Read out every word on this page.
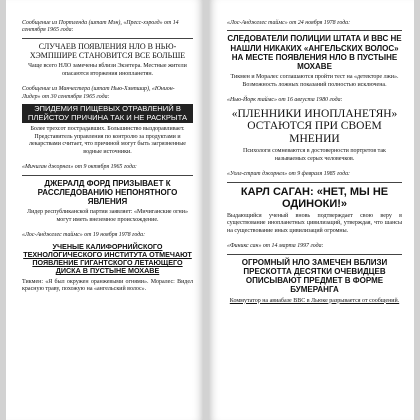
Сообщение из Портленда (штат Мэн), «Пресс-хэролд» от 14 сентября 1965 года:

СЛУЧАЕВ ПОЯВЛЕНИЯ НЛО В НЬЮ-ХЭМПШИРЕ СТАНОВИТСЯ ВСЕ БОЛЬШЕ

Чаще всего НЛО замечены вблизи Экзетера. Местные жители опасаются вторжения инопланетян.

Сообщение из Манчестера (штат Нью-Хэмпшир), «Юнион-Лидер» от 30 сентября 1965 года:

ЭПИДЕМИЯ ПИЩЕВЫХ ОТРАВЛЕНИЙ В ПЛЕЙСТОУ ПРИЧИНА ТАК И НЕ РАСКРЫТА

Более трехсот пострадавших. Большинство выздоравливает. Представитель управления по контролю за продуктами и лекарствами считает, что причиной могут быть загрязненные водные источники.

«Мичиган джорнел» от 9 октября 1965 года:

ДЖЕРАЛД ФОРД ПРИЗЫВАЕТ К РАССЛЕДОВАНИЮ НЕПОНЯТНОГО ЯВЛЕНИЯ

Лидер республиканской партии заявляет: «Мичиганские огни» могут иметь внеземное происхождение.

«Лос-Анджелес таймс» от 19 ноября 1978 года:

УЧЕНЫЕ КАЛИФОРНИЙСКОГО ТЕХНОЛОГИЧЕСКОГО ИНСТИТУТА ОТМЕЧАЮТ ПОЯВЛЕНИЕ ГИГАНТСКОГО ЛЕТАЮЩЕГО ДИСКА В ПУСТЫНЕ МОХАВЕ

Тикмен: «Я был окружен оранжевыми огнями». Моралес: Видел красную траву, похожую на «ангельский волос».

«Лос-Анджелес таймс» от 24 ноября 1978 года:

СЛЕДОВАТЕЛИ ПОЛИЦИИ ШТАТА И ВВС НЕ НАШЛИ НИКАКИХ «АНГЕЛЬСКИХ ВОЛОС» НА МЕСТЕ ПОЯВЛЕНИЯ НЛО В ПУСТЫНЕ МОХАВЕ

Тикмен и Моралес соглашаются пройти тест на «детекторе лжи». Возможность ложных показаний полностью исключена.

«Нью-Йорк таймс» от 16 августа 1980 года:

«ПЛЕННИКИ ИНОПЛАНЕТЯН» ОСТАЮТСЯ ПРИ СВОЕМ МНЕНИИ

Психологи сомневаются в достоверности портретов так называемых серых человечков.

«Уолл-стрит джорнел» от 9 февраля 1985 года:

КАРЛ САГАН: «НЕТ, МЫ НЕ ОДИНОКИ!»

Выдающийся ученый вновь подтверждает свою веру в существование инопланетных цивилизаций, утверждая, что шансы на существование иных цивилизаций огромны.

«Финикс сан» от 14 марта 1997 года:

ОГРОМНЫЙ НЛО ЗАМЕЧЕН ВБЛИЗИ ПРЕСКОТТА ДЕСЯТКИ ОЧЕВИДЦЕВ ОПИСЫВАЮТ ПРЕДМЕТ В ФОРМЕ БУМЕРАНГА

Коммутатор на авиабазе ВВС в Льюке разрывается от сообщений.
